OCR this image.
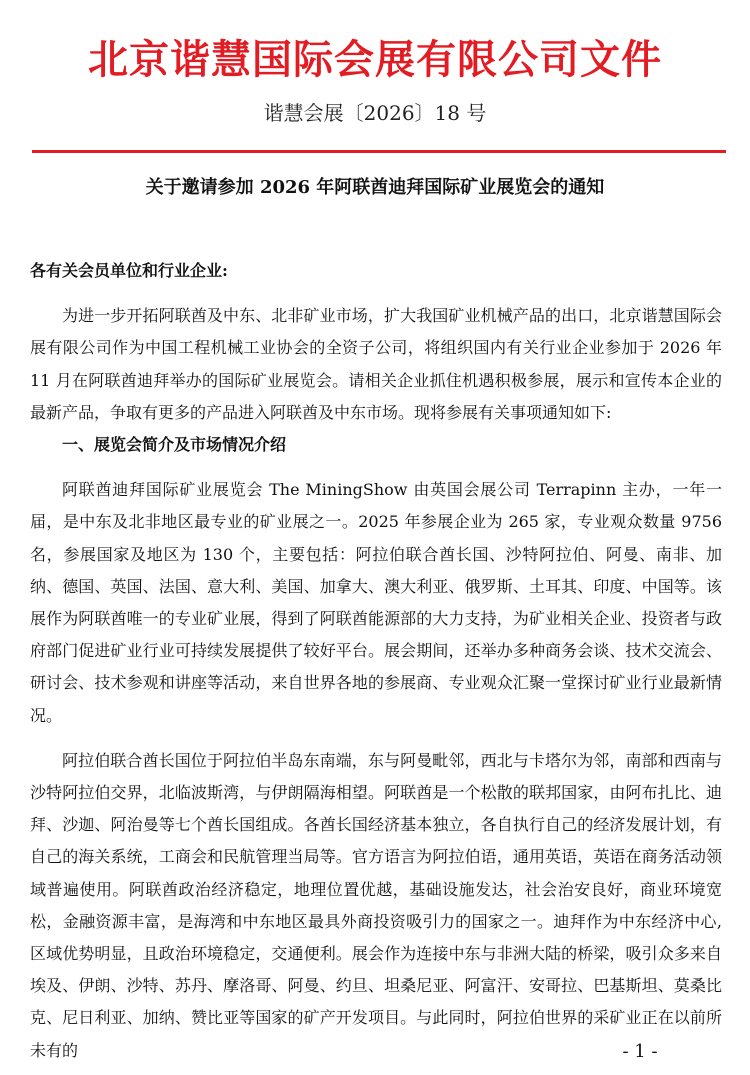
北京谐慧国际会展有限公司文件
谐慧会展〔2026〕18 号
关于邀请参加 2026 年阿联酋迪拜国际矿业展览会的通知

各有关会员单位和行业企业:

为进一步开拓阿联酋及中东、北非矿业市场，扩大我国矿业机械产品的出口，北京谐慧国际会展有限公司作为中国工程机械工业协会的全资子公司，将组织国内有关行业企业参加于 2026 年 11 月在阿联酋迪拜举办的国际矿业展览会。请相关企业抓住机遇积极参展，展示和宣传本企业的最新产品，争取有更多的产品进入阿联酋及中东市场。现将参展有关事项通知如下:

一、展览会简介及市场情况介绍

阿联酋迪拜国际矿业展览会 The MiningShow 由英国会展公司 Terrapinn 主办，一年一届，是中东及北非地区最专业的矿业展之一。2025 年参展企业为 265 家，专业观众数量 9756 名，参展国家及地区为 130 个，主要包括：阿拉伯联合酋长国、沙特阿拉伯、阿曼、南非、加纳、德国、英国、法国、意大利、美国、加拿大、澳大利亚、俄罗斯、土耳其、印度、中国等。该展作为阿联酋唯一的专业矿业展，得到了阿联酋能源部的大力支持，为矿业相关企业、投资者与政府部门促进矿业行业可持续发展提供了较好平台。展会期间，还举办多种商务会谈、技术交流会、研讨会、技术参观和讲座等活动，来自世界各地的参展商、专业观众汇聚一堂探讨矿业行业最新情况。

阿拉伯联合酋长国位于阿拉伯半岛东南端，东与阿曼毗邻，西北与卡塔尔为邻，南部和西南与沙特阿拉伯交界，北临波斯湾，与伊朗隔海相望。阿联酋是一个松散的联邦国家，由阿布扎比、迪拜、沙迦、阿治曼等七个酋长国组成。各酋长国经济基本独立，各自执行自己的经济发展计划，有自己的海关系统，工商会和民航管理当局等。官方语言为阿拉伯语，通用英语，英语在商务活动领域普遍使用。阿联酋政治经济稳定，地理位置优越，基础设施发达，社会治安良好，商业环境宽松，金融资源丰富，是海湾和中东地区最具外商投资吸引力的国家之一。迪拜作为中东经济中心,区域优势明显，且政治环境稳定，交通便利。展会作为连接中东与非洲大陆的桥梁，吸引众多来自埃及、伊朗、沙特、苏丹、摩洛哥、阿曼、约旦、坦桑尼亚、阿富汗、安哥拉、巴基斯坦、莫桑比克、尼日利亚、加纳、赞比亚等国家的矿产开发项目。与此同时，阿拉伯世界的采矿业正在以前所未有的	- 1 -
